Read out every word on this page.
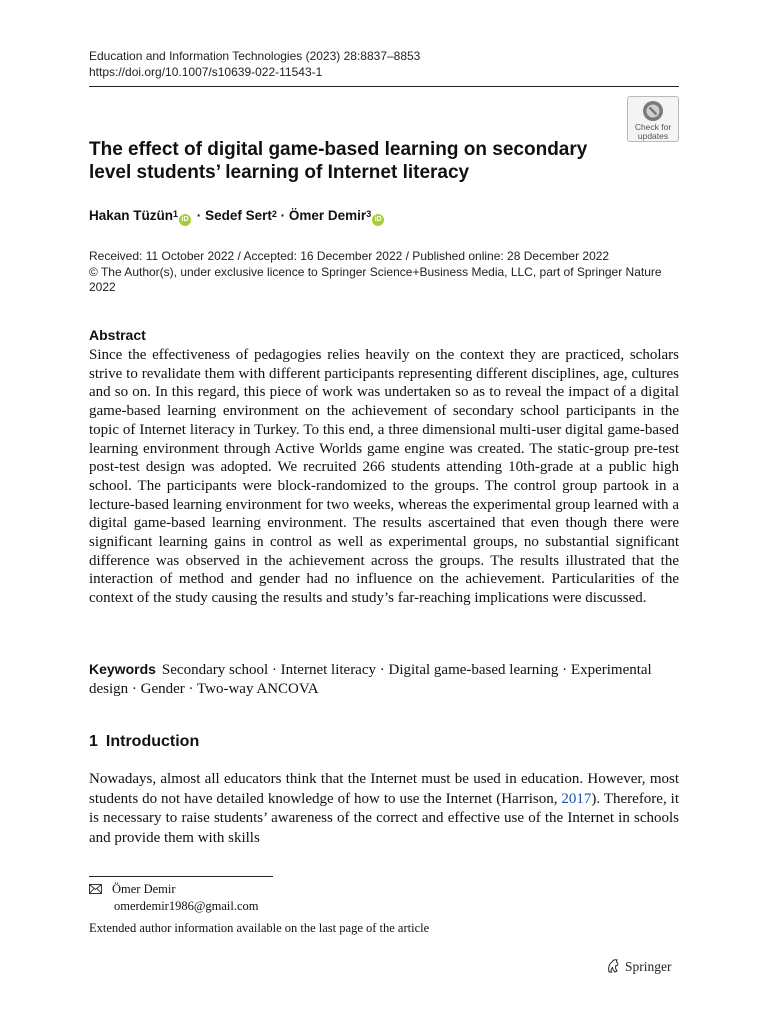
Education and Information Technologies (2023) 28:8837–8853
https://doi.org/10.1007/s10639-022-11543-1
Check for
updates
The effect of digital game-based learning on secondary level students’ learning of Internet literacy
Hakan Tüzün$^1$iD · Sedef Sert$^2$ · Ömer Demir$^3$iD
Received: 11 October 2022 / Accepted: 16 December 2022 / Published online: 28 December 2022
© The Author(s), under exclusive licence to Springer Science+Business Media, LLC, part of Springer Nature 2022
Abstract

Since the effectiveness of pedagogies relies heavily on the context they are practiced, scholars strive to revalidate them with different participants representing different disciplines, age, cultures and so on. In this regard, this piece of work was undertaken so as to reveal the impact of a digital game-based learning environment on the achievement of secondary school participants in the topic of Internet literacy in Turkey. To this end, a three dimensional multi-user digital game-based learning environment through Active Worlds game engine was created. The static-group pre-test post-test design was adopted. We recruited 266 students attending 10th-grade at a public high school. The participants were block-randomized to the groups. The control group partook in a lecture-based learning environment for two weeks, whereas the experimental group learned with a digital game-based learning environment. The results ascertained that even though there were significant learning gains in control as well as experimental groups, no substantial significant difference was observed in the achievement across the groups. The results illustrated that the interaction of method and gender had no influence on the achievement. Particularities of the context of the study causing the results and study’s far-reaching implications were discussed.

Keywords Secondary school · Internet literacy · Digital game-based learning · Experimental design · Gender · Two-way ANCOVA
1 Introduction

Nowadays, almost all educators think that the Internet must be used in education. However, most students do not have detailed knowledge of how to use the Internet (Harrison, 2017). Therefore, it is necessary to raise students’ awareness of the correct and effective use of the Internet in schools and provide them with skills

Ömer Demir
omerdemir1986@gmail.com
Extended author information available on the last page of the article
Springer
